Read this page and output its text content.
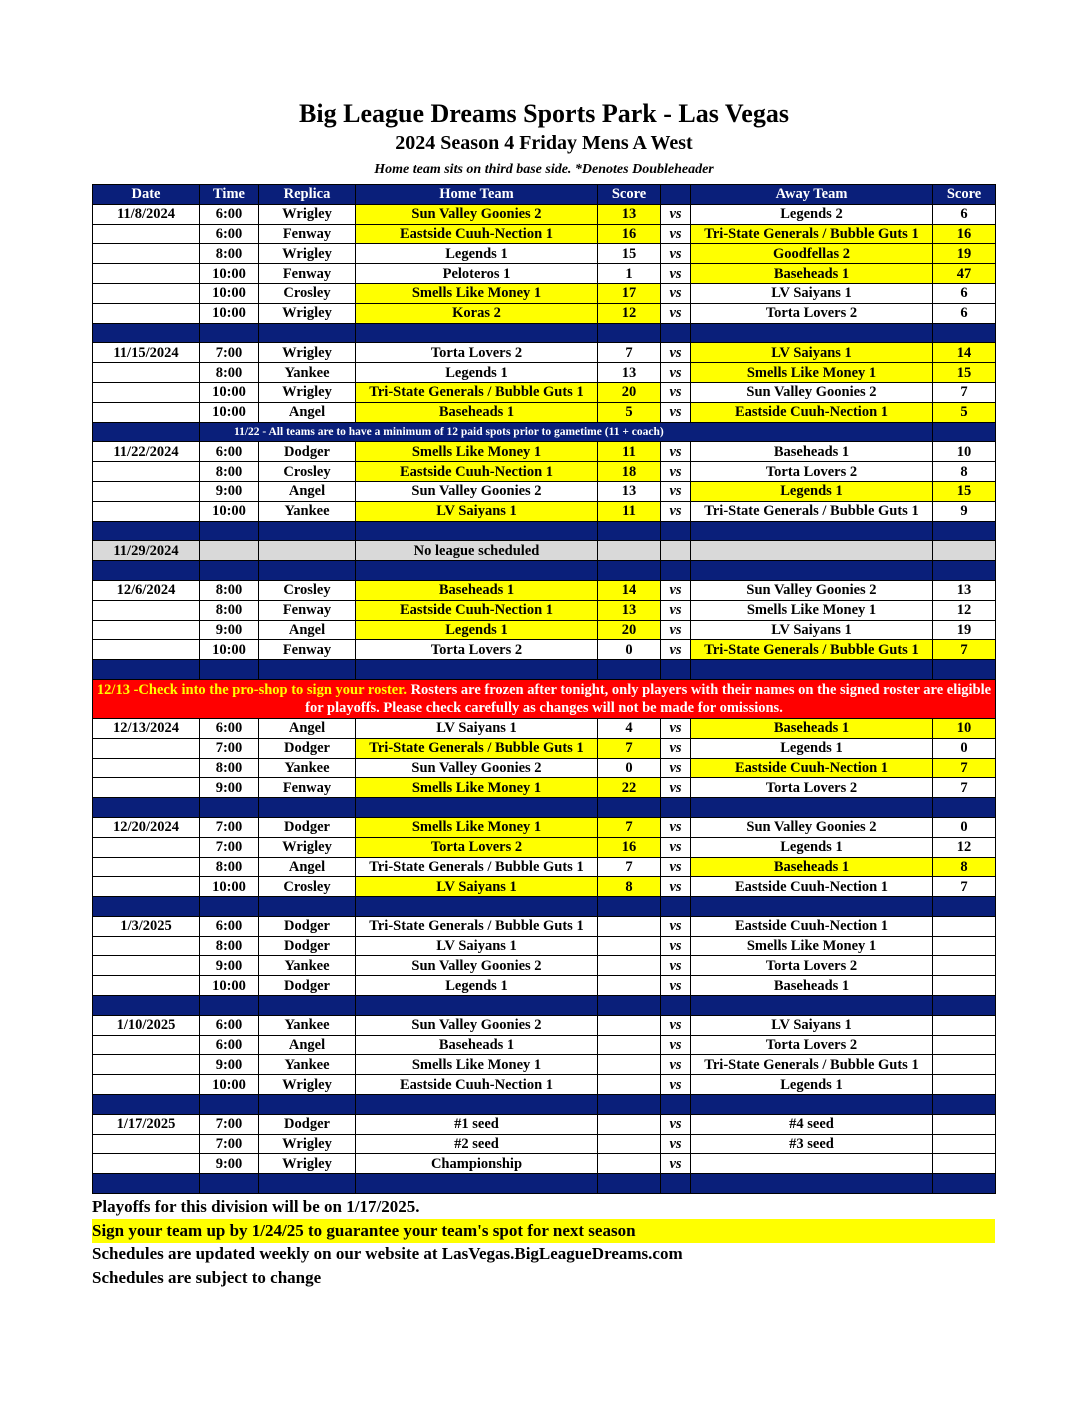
Big League Dreams Sports Park - Las Vegas
2024 Season 4 Friday Mens A West
Home team sits on third base side. *Denotes Doubleheader
Date	Time	Replica	Home Team	Score		Away Team	Score
11/8/2024	6:00	Wrigley	Sun Valley Goonies 2	13	vs	Legends 2	6
	6:00	Fenway	Eastside Cuuh-Nection 1	16	vs	Tri-State Generals / Bubble Guts 1	16
	8:00	Wrigley	Legends 1	15	vs	Goodfellas 2	19
	10:00	Fenway	Peloteros 1	1	vs	Baseheads 1	47
	10:00	Crosley	Smells Like Money 1	17	vs	LV Saiyans 1	6
	10:00	Wrigley	Koras 2	12	vs	Torta Lovers 2	6

11/15/2024	7:00	Wrigley	Torta Lovers 2	7	vs	LV Saiyans 1	14
	8:00	Yankee	Legends 1	13	vs	Smells Like Money 1	15
	10:00	Wrigley	Tri-State Generals / Bubble Guts 1	20	vs	Sun Valley Goonies 2	7
	10:00	Angel	Baseheads 1	5	vs	Eastside Cuuh-Nection 1	5
	11/22 - All teams are to have a minimum of 12 paid spots prior to gametime (11 + coach)						
11/22/2024	6:00	Dodger	Smells Like Money 1	11	vs	Baseheads 1	10
	8:00	Crosley	Eastside Cuuh-Nection 1	18	vs	Torta Lovers 2	8
	9:00	Angel	Sun Valley Goonies 2	13	vs	Legends 1	15
	10:00	Yankee	LV Saiyans 1	11	vs	Tri-State Generals / Bubble Guts 1	9

11/29/2024			No league scheduled				

12/6/2024	8:00	Crosley	Baseheads 1	14	vs	Sun Valley Goonies 2	13
	8:00	Fenway	Eastside Cuuh-Nection 1	13	vs	Smells Like Money 1	12
	9:00	Angel	Legends 1	20	vs	LV Saiyans 1	19
	10:00	Fenway	Torta Lovers 2	0	vs	Tri-State Generals / Bubble Guts 1	7

12/13 -Check into the pro-shop to sign your roster. Rosters are frozen after tonight, only players with their names on the signed roster are eligible for playoffs. Please check carefully as changes will not be made for omissions.							
12/13/2024	6:00	Angel	LV Saiyans 1	4	vs	Baseheads 1	10
	7:00	Dodger	Tri-State Generals / Bubble Guts 1	7	vs	Legends 1	0
	8:00	Yankee	Sun Valley Goonies 2	0	vs	Eastside Cuuh-Nection 1	7
	9:00	Fenway	Smells Like Money 1	22	vs	Torta Lovers 2	7

12/20/2024	7:00	Dodger	Smells Like Money 1	7	vs	Sun Valley Goonies 2	0
	7:00	Wrigley	Torta Lovers 2	16	vs	Legends 1	12
	8:00	Angel	Tri-State Generals / Bubble Guts 1	7	vs	Baseheads 1	8
	10:00	Crosley	LV Saiyans 1	8	vs	Eastside Cuuh-Nection 1	7

1/3/2025	6:00	Dodger	Tri-State Generals / Bubble Guts 1		vs	Eastside Cuuh-Nection 1	
	8:00	Dodger	LV Saiyans 1		vs	Smells Like Money 1	
	9:00	Yankee	Sun Valley Goonies 2		vs	Torta Lovers 2	
	10:00	Dodger	Legends 1		vs	Baseheads 1	

1/10/2025	6:00	Yankee	Sun Valley Goonies 2		vs	LV Saiyans 1	
	6:00	Angel	Baseheads 1		vs	Torta Lovers 2	
	9:00	Yankee	Smells Like Money 1		vs	Tri-State Generals / Bubble Guts 1	
	10:00	Wrigley	Eastside Cuuh-Nection 1		vs	Legends 1	

1/17/2025	7:00	Dodger	#1 seed		vs	#4 seed	
	7:00	Wrigley	#2 seed		vs	#3 seed	
	9:00	Wrigley	Championship		vs		

Playoffs for this division will be on 1/17/2025.
Sign your team up by 1/24/25 to guarantee your team's spot for next season
Schedules are updated weekly on our website at LasVegas.BigLeagueDreams.com
Schedules are subject to change
